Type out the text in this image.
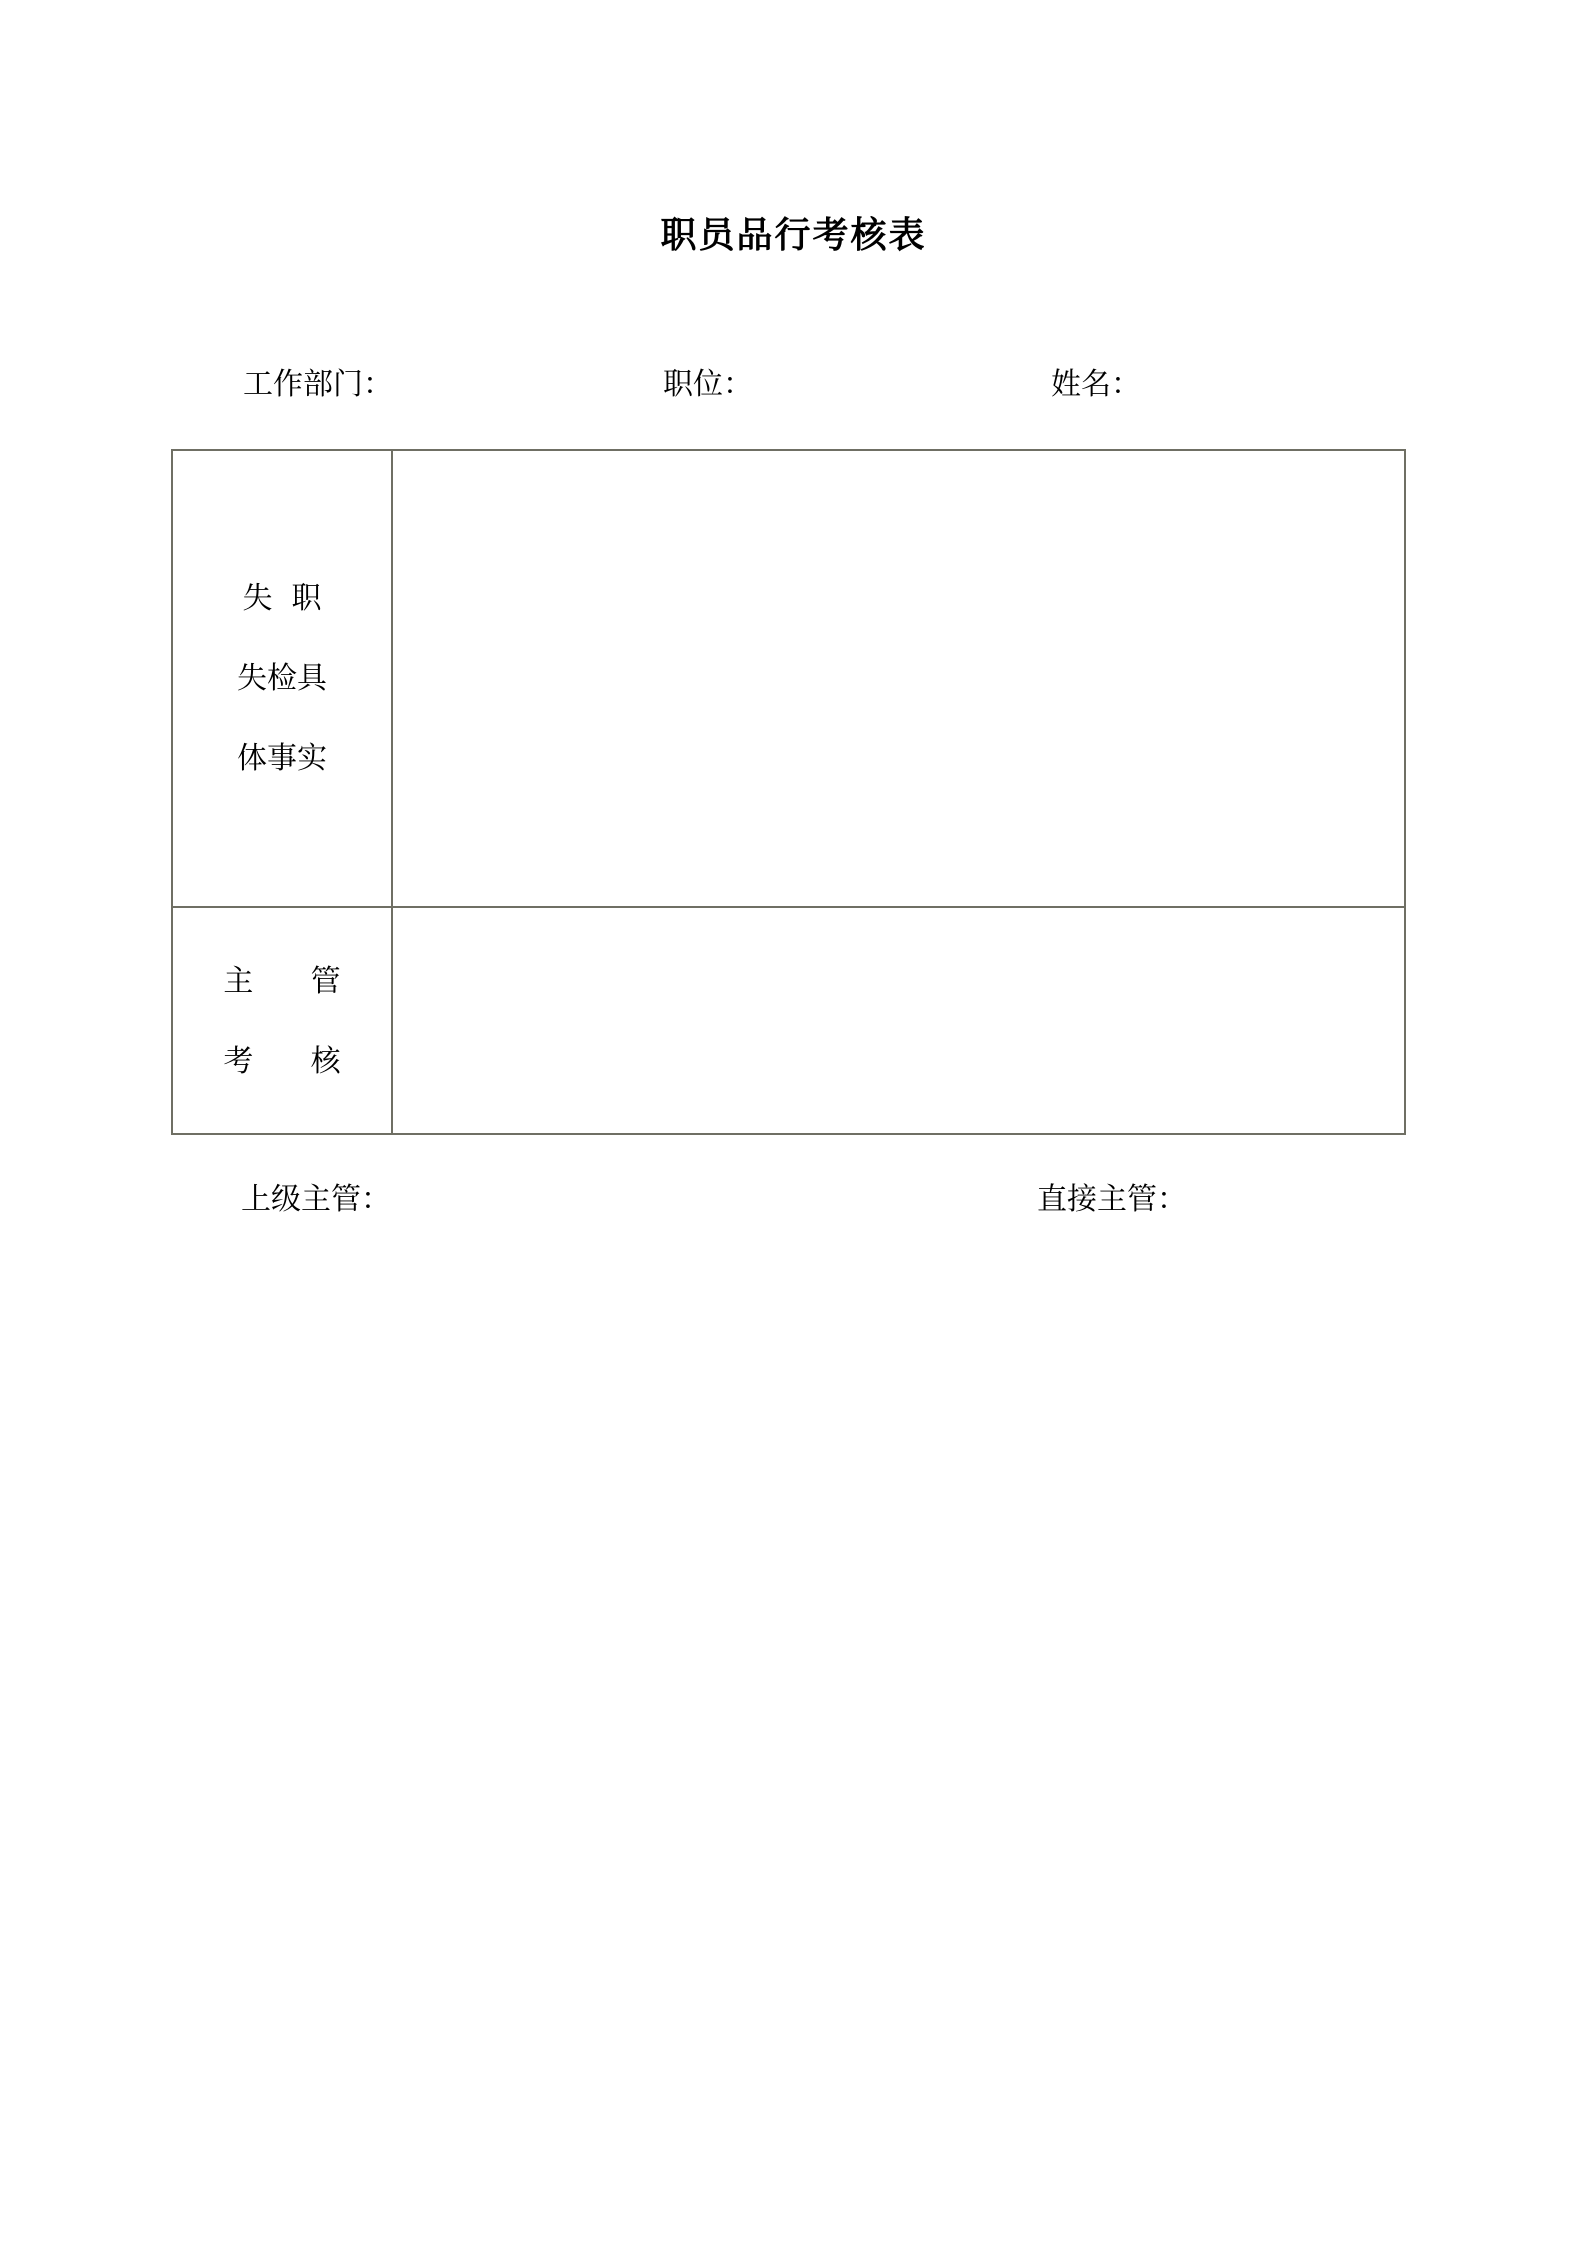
职员品行考核表
工作部门：	职位：	姓名：
失  职
失检具
体事实
主      管
考      核
上级主管：	直接主管：
